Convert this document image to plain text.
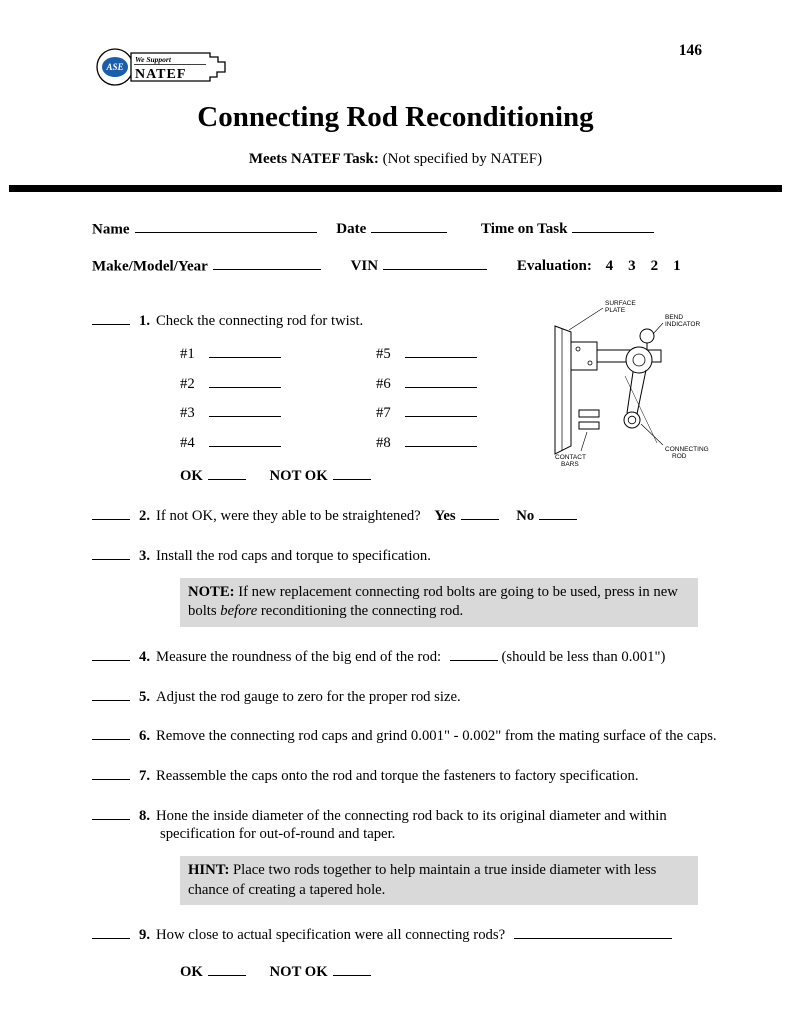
ASE
We Support
NATEF
146
Connecting Rod Reconditioning
Meets NATEF Task: (Not specified by NATEF)
Name	Date	Time on Task
Make/Model/Year	VIN	Evaluation: 4    3    2    1
1. Check the connecting rod for twist.
#1	#5
#2	#6
#3	#7
#4	#8
OK	NOT OK
2. If not OK, were they able to be straightened? Yes	No
3. Install the rod caps and torque to specification.
NOTE: If new replacement connecting rod bolts are going to be used, press in new bolts before reconditioning the connecting rod.
4. Measure the roundness of the big end of the rod:	(should be less than 0.001")
5. Adjust the rod gauge to zero for the proper rod size.
6. Remove the connecting rod caps and grind 0.001" - 0.002" from the mating surface of the caps.
7. Reassemble the caps onto the rod and torque the fasteners to factory specification.
8. Hone the inside diameter of the connecting rod back to its original diameter and within specification for out-of-round and taper.
HINT: Place two rods together to help maintain a true inside diameter with less chance of creating a tapered hole.
9. How close to actual specification were all connecting rods?
OK	NOT OK
SURFACE
PLATE
BEND
INDICATOR
CONTACT
BARS
CONNECTING
ROD
